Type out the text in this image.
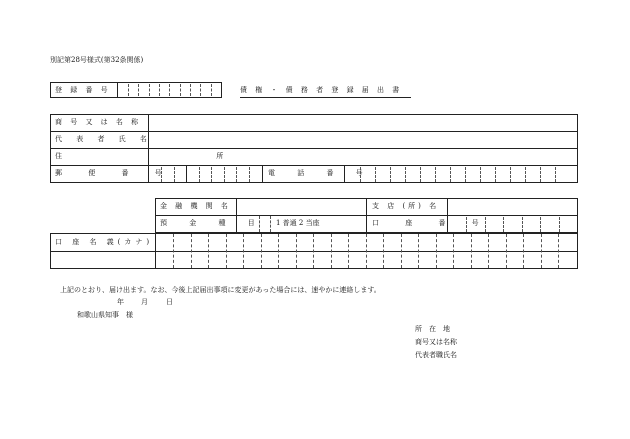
別記第28号様式(第32条関係)
登 録 番 号	債 権 ・ 債 務 者 登 録 届 出 書
商 号 又 は 名 称
代 表 者 氏 名
住 所
郵 便 番 号	電 話 番 号
金 融 機 関 名	支 店 (所) 名
預 金 種 目 1 普通 2 当座	口 座 番 号
口 座 名 義(カナ)
上記のとおり、届け出ます。なお、今後上記届出事項に変更があった場合には、速やかに連絡します。
年 月	日
和歌山県知事　様
所　在　地
商号又は名称
代表者職氏名
